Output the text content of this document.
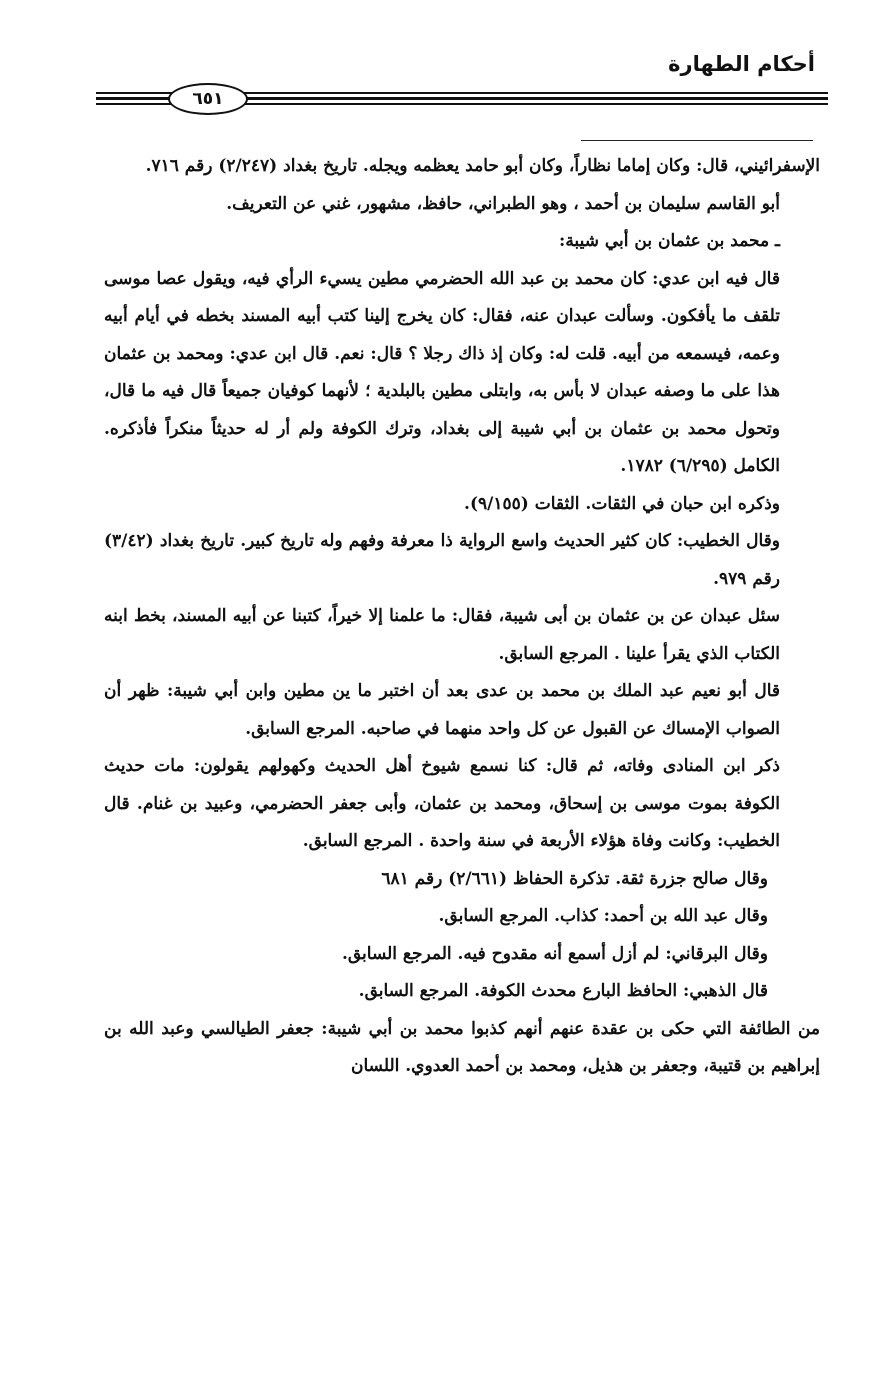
أحكام الطهارة
٦٥١

الإسفرائيني، قال: وكان إماما نظاراً، وكان أبو حامد يعظمه ويجله. تاريخ بغداد (٢/٢٤٧) رقم ٧١٦.

أبو القاسم سليمان بن أحمد ، وهو الطبراني، حافظ، مشهور، غني عن التعريف.

ـ محمد بن عثمان بن أبي شيبة:

قال فيه ابن عدي: كان محمد بن عبد الله الحضرمي مطين يسيء الرأي فيه، ويقول عصا موسى تلقف ما يأفكون. وسألت عبدان عنه، فقال: كان يخرج إلينا كتب أبيه المسند بخطه في أيام أبيه وعمه، فيسمعه من أبيه. قلت له: وكان إذ ذاك رجلا ؟ قال: نعم. قال ابن عدي: ومحمد بن عثمان هذا على ما وصفه عبدان لا بأس به، وابتلى مطين بالبلدية ؛ لأنهما كوفيان جميعاً قال فيه ما قال، وتحول محمد بن عثمان بن أبي شيبة إلى بغداد، وترك الكوفة ولم أر له حديثاً منكراً فأذكره. الكامل (٦/٢٩٥) ١٧٨٢.

وذكره ابن حبان في الثقات. الثقات (٩/١٥٥).

وقال الخطيب: كان كثير الحديث واسع الرواية ذا معرفة وفهم وله تاريخ كبير. تاريخ بغداد (٣/٤٢) رقم ٩٧٩.

سئل عبدان عن بن عثمان بن أبى شيبة، فقال: ما علمنا إلا خيراً، كتبنا عن أبيه المسند، بخط ابنه الكتاب الذي يقرأ علينا . المرجع السابق.

قال أبو نعيم عبد الملك بن محمد بن عدى بعد أن اختبر ما ين مطين وابن أبي شيبة: ظهر أن الصواب الإمساك عن القبول عن كل واحد منهما في صاحبه. المرجع السابق.

ذكر ابن المنادى وفاته، ثم قال: كنا نسمع شيوخ أهل الحديث وكهولهم يقولون: مات حديث الكوفة بموت موسى بن إسحاق، ومحمد بن عثمان، وأبى جعفر الحضرمي، وعبيد بن غنام. قال الخطيب: وكانت وفاة هؤلاء الأربعة في سنة واحدة . المرجع السابق.

وقال صالح جزرة ثقة. تذكرة الحفاظ (٢/٦٦١) رقم ٦٨١

وقال عبد الله بن أحمد: كذاب. المرجع السابق.

وقال البرقاني: لم أزل أسمع أنه مقدوح فيه. المرجع السابق.

قال الذهبي: الحافظ البارع محدث الكوفة. المرجع السابق.

من الطائفة التي حكى بن عقدة عنهم أنهم كذبوا محمد بن أبي شيبة: جعفر الطيالسي وعبد الله بن إبراهيم بن قتيبة، وجعفر بن هذيل، ومحمد بن أحمد العدوي. اللسان
